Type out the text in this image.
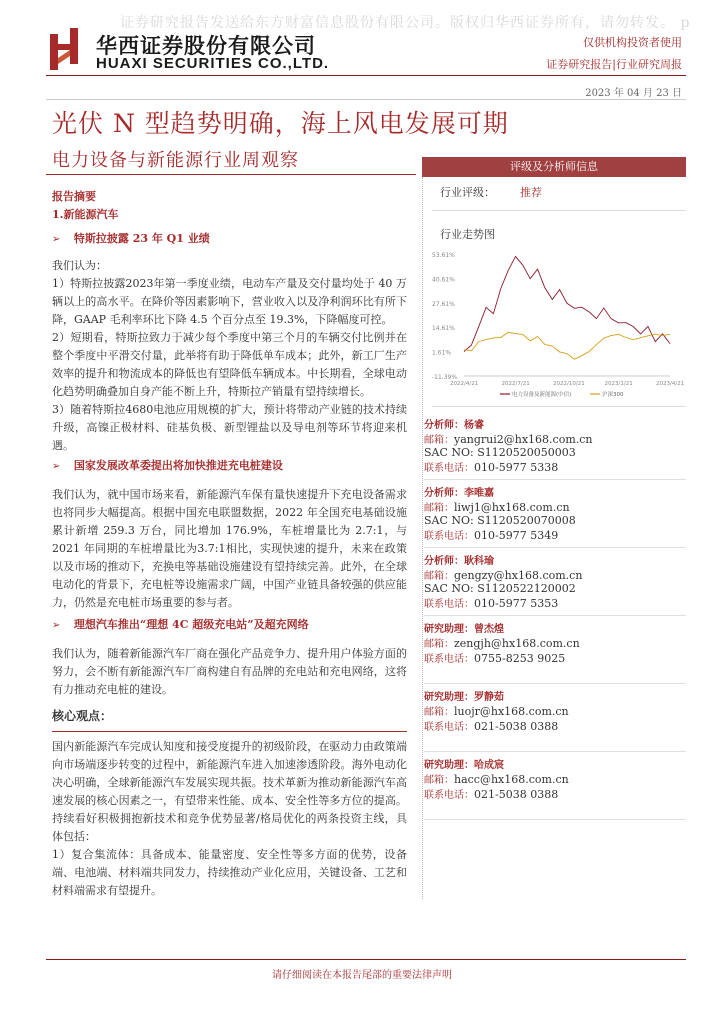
证券研究报告发送给东方财富信息股份有限公司。版权归华西证券所有，请勿转发。 p
华西证券股份有限公司
HUAXI SECURITIES CO.,LTD.
仅供机构投资者使用
证券研究报告|行业研究周报
2023 年 04 月 23 日
光伏 N 型趋势明确，海上风电发展可期
电力设备与新能源行业周观察	评级及分析师信息
行业评级： 推荐
行业走势图
53.61%
40.61%
27.61%
14.61%
1.61%
-11.39%
2022/4/21	2022/7/21	2022/10/21	2023/1/21	2023/4/21
电力设备及新能源(中信)	沪深300
分析师：杨睿
邮箱：yangrui2@hx168.com.cn
SAC NO: S1120520050003
联系电话：010-5977 5338
分析师：李唯嘉
邮箱：liwj1@hx168.com.cn
SAC NO: S1120520070008
联系电话：010-5977 5349
分析师：耿科瑜
邮箱：gengzy@hx168.com.cn
SAC NO: S1120522120002
联系电话：010-5977 5353
研究助理：曾杰煌
邮箱：zengjh@hx168.com.cn
联系电话：0755-8253 9025
研究助理：罗静茹
邮箱：luojr@hx168.com.cn
联系电话：021-5038 0388
研究助理：哈成宸
邮箱：hacc@hx168.com.cn
联系电话：021-5038 0388
报告摘要
1.新能源汽车
➢ 特斯拉披露 23 年 Q1 业绩
我们认为：
1）特斯拉披露2023年第一季度业绩，电动车产量及交付量均处于 40 万辆以上的高水平。在降价等因素影响下，营业收入以及净利润环比有所下降，GAAP 毛利率环比下降 4.5 个百分点至 19.3%，下降幅度可控。
2）短期看，特斯拉致力于减少每个季度中第三个月的车辆交付比例并在整个季度中平滑交付量，此举将有助于降低单车成本；此外，新工厂生产效率的提升和物流成本的降低也有望降低车辆成本。中长期看，全球电动化趋势明确叠加自身产能不断上升，特斯拉产销量有望持续增长。
3）随着特斯拉4680电池应用规模的扩大，预计将带动产业链的技术持续升级，高镍正极材料、硅基负极、新型锂盐以及导电剂等环节将迎来机遇。
➢ 国家发展改革委提出将加快推进充电桩建设
我们认为，就中国市场来看，新能源汽车保有量快速提升下充电设备需求也将同步大幅提高。根据中国充电联盟数据，2022 年全国充电基础设施累计新增 259.3 万台，同比增加 176.9%，车桩增量比为 2.7:1，与 2021 年同期的车桩增量比为3.7:1相比，实现快速的提升，未来在政策以及市场的推动下，充换电等基础设施建设有望持续完善。此外，在全球电动化的背景下，充电桩等设施需求广阔，中国产业链具备较强的供应能力，仍然是充电桩市场重要的参与者。
➢ 理想汽车推出“理想 4C 超级充电站”及超充网络
我们认为，随着新能源汽车厂商在强化产品竞争力、提升用户体验方面的努力，会不断有新能源汽车厂商构建自有品牌的充电站和充电网络，这将有力推动充电桩的建设。
核心观点：
国内新能源汽车完成认知度和接受度提升的初级阶段，在驱动力由政策端向市场端逐步转变的过程中，新能源汽车进入加速渗透阶段。海外电动化决心明确，全球新能源汽车发展实现共振。技术革新为推动新能源汽车高速发展的核心因素之一，有望带来性能、成本、安全性等多方位的提高。持续看好积极拥抱新技术和竞争优势显著/格局优化的两条投资主线，具体包括：
1）复合集流体：具备成本、能量密度、安全性等多方面的优势，设备端、电池端、材料端共同发力，持续推动产业化应用，关键设备、工艺和材料端需求有望提升。
请仔细阅读在本报告尾部的重要法律声明
